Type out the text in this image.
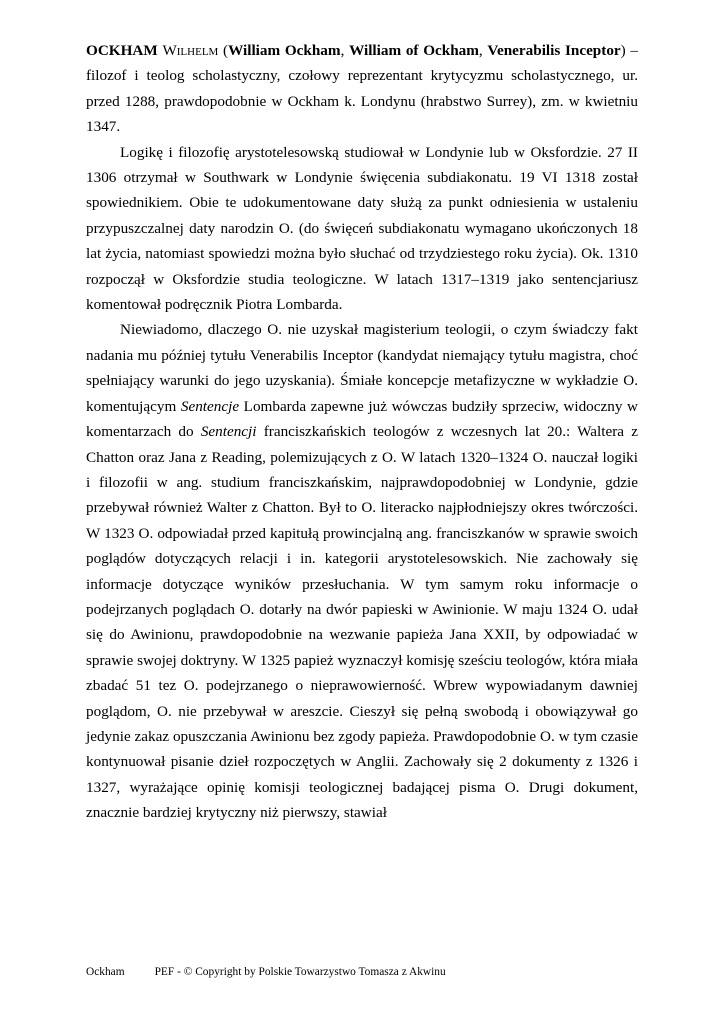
OCKHAM Wilhelm (William Ockham, William of Ockham, Venerabilis Inceptor) – filozof i teolog scholastyczny, czołowy reprezentant krytycyzmu scholastycznego, ur. przed 1288, prawdopodobnie w Ockham k. Londynu (hrabstwo Surrey), zm. w kwietniu 1347.

Logikę i filozofię arystotelesowską studiował w Londynie lub w Oksfordzie. 27 II 1306 otrzymał w Southwark w Londynie święcenia subdiakonatu. 19 VI 1318 został spowiednikiem. Obie te udokumentowane daty służą za punkt odniesienia w ustaleniu przypuszczalnej daty narodzin O. (do święceń subdiakonatu wymagano ukończonych 18 lat życia, natomiast spowiedzi można było słuchać od trzydziestego roku życia). Ok. 1310 rozpoczął w Oksfordzie studia teologiczne. W latach 1317–1319 jako sentencjariusz komentował podręcznik Piotra Lombarda.

Niewiadomo, dlaczego O. nie uzyskał magisterium teologii, o czym świadczy fakt nadania mu później tytułu Venerabilis Inceptor (kandydat niemający tytułu magistra, choć spełniający warunki do jego uzyskania). Śmiałe koncepcje metafizyczne w wykładzie O. komentującym Sentencje Lombarda zapewne już wówczas budziły sprzeciw, widoczny w komentarzach do Sentencji franciszkańskich teologów z wczesnych lat 20.: Waltera z Chatton oraz Jana z Reading, polemizujących z O. W latach 1320–1324 O. nauczał logiki i filozofii w ang. studium franciszkańskim, najprawdopodobniej w Londynie, gdzie przebywał również Walter z Chatton. Był to O. literacko najpłodniejszy okres twórczości. W 1323 O. odpowiadał przed kapitułą prowincjalną ang. franciszkanów w sprawie swoich poglądów dotyczących relacji i in. kategorii arystotelesowskich. Nie zachowały się informacje dotyczące wyników przesłuchania. W tym samym roku informacje o podejrzanych poglądach O. dotarły na dwór papieski w Awinionie. W maju 1324 O. udał się do Awinionu, prawdopodobnie na wezwanie papieża Jana XXII, by odpowiadać w sprawie swojej doktryny. W 1325 papież wyznaczył komisję sześciu teologów, która miała zbadać 51 tez O. podejrzanego o nieprawowierność. Wbrew wypowiadanym dawniej poglądom, O. nie przebywał w areszcie. Cieszył się pełną swobodą i obowiązywał go jedynie zakaz opuszczania Awinionu bez zgody papieża. Prawdopodobnie O. w tym czasie kontynuował pisanie dzieł rozpoczętych w Anglii. Zachowały się 2 dokumenty z 1326 i 1327, wyrażające opinię komisji teologicznej badającej pisma O. Drugi dokument, znacznie bardziej krytyczny niż pierwszy, stawiał

Ockham	PEF - © Copyright by Polskie Towarzystwo Tomasza z Akwinu
